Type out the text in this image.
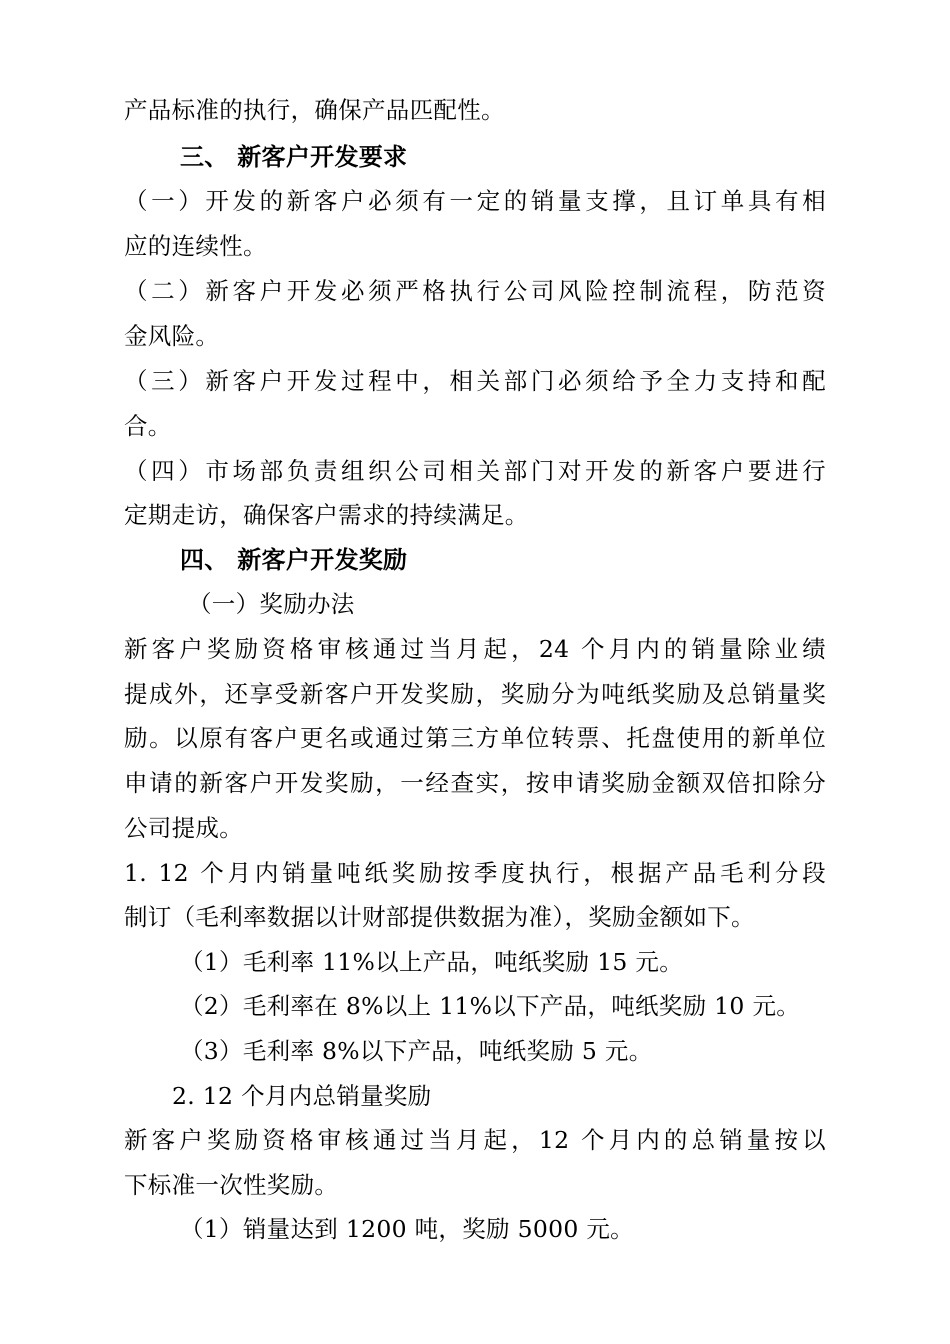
产品标准的执行，确保产品匹配性。
三、 新客户开发要求
（一）开发的新客户必须有一定的销量支撑，且订单具有相
应的连续性。
（二）新客户开发必须严格执行公司风险控制流程，防范资
金风险。
（三）新客户开发过程中，相关部门必须给予全力支持和配
合。
（四）市场部负责组织公司相关部门对开发的新客户要进行
定期走访，确保客户需求的持续满足。
四、 新客户开发奖励
（一）奖励办法
新客户奖励资格审核通过当月起，24 个月内的销量除业绩
提成外，还享受新客户开发奖励，奖励分为吨纸奖励及总销量奖
励。以原有客户更名或通过第三方单位转票、托盘使用的新单位
申请的新客户开发奖励，一经查实，按申请奖励金额双倍扣除分
公司提成。
1. 12 个月内销量吨纸奖励按季度执行，根据产品毛利分段
制订（毛利率数据以计财部提供数据为准），奖励金额如下。
（1）毛利率 11%以上产品，吨纸奖励 15 元。
（2）毛利率在 8%以上 11%以下产品，吨纸奖励 10 元。
（3）毛利率 8%以下产品，吨纸奖励 5 元。
2. 12 个月内总销量奖励
新客户奖励资格审核通过当月起，12 个月内的总销量按以
下标准一次性奖励。
（1）销量达到 1200 吨，奖励 5000 元。
